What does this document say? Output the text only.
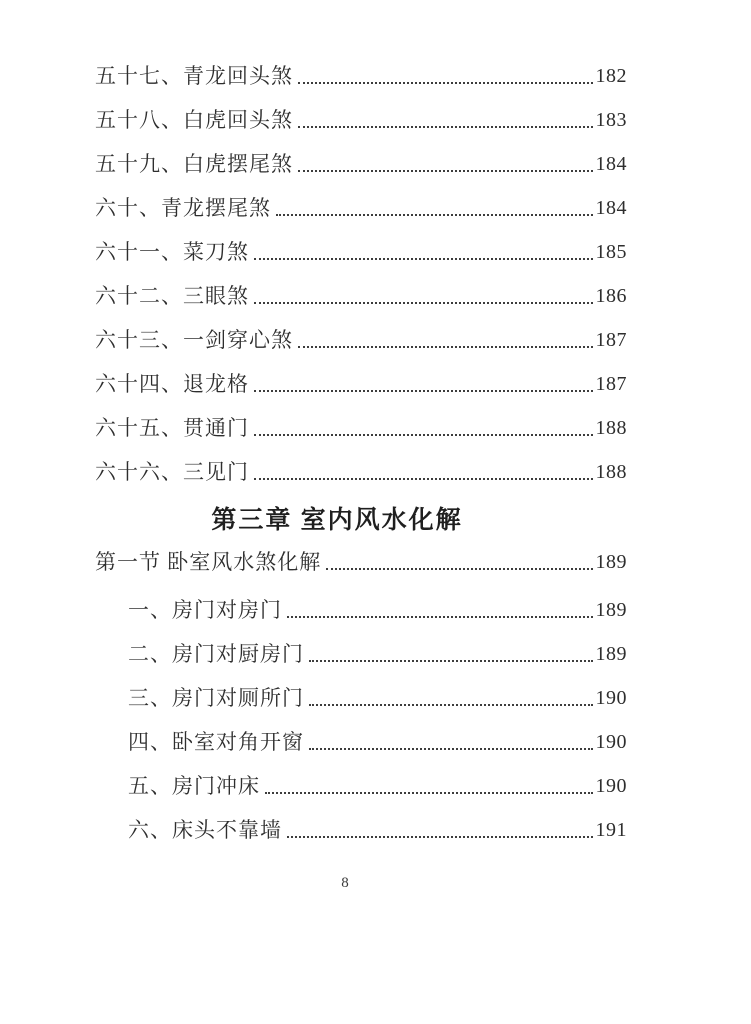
五十七、青龙回头煞	182
五十八、白虎回头煞	183
五十九、白虎摆尾煞	184
六十、青龙摆尾煞	184
六十一、菜刀煞	185
六十二、三眼煞	186
六十三、一剑穿心煞	187
六十四、退龙格	187
六十五、贯通门	188
六十六、三见门	188
第三章 室内风水化解
第一节 卧室风水煞化解	189
一、房门对房门	189
二、房门对厨房门	189
三、房门对厕所门	190
四、卧室对角开窗	190
五、房门冲床	190
六、床头不靠墙	191
8
